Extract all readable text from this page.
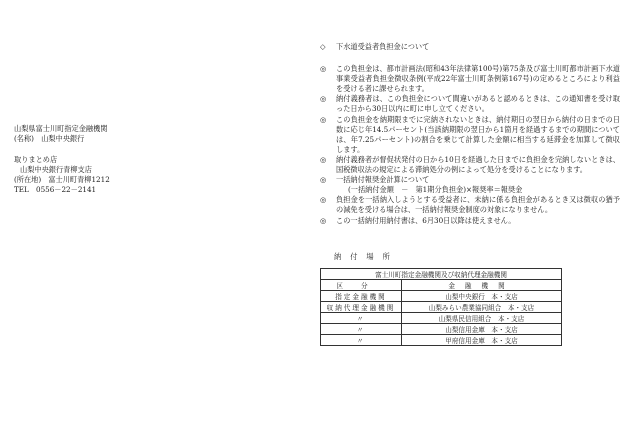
山梨県富士川町指定金融機関
(名称)　山梨中央銀行
取りまとめ店
山梨中央銀行青柳支店
(所在地)　富士川町青柳1212
TEL　0556－22－2141
◇ 下水道受益者負担金について
◎	この負担金は、都市計画法(昭和43年法律第100号)第75条及び富士川町都市計画下水道事業受益者負担金徴収条例(平成22年富士川町条例第167号)の定めるところにより利益を受ける者に課せられます。
◎	納付義務者は、この負担金について間違いがあると認めるときは、この通知書を受け取った日から30日以内に町に申し立てください。
◎	この負担金を納期限までに完納されないときは、納付期日の翌日から納付の日までの日数に応じ年14.5パーセント(当該納期限の翌日から1箇月を経過するまでの期間については、年7.25パーセント)の割合を乗じて計算した金額に相当する延滞金を加算して徴収します。
◎	納付義務者が督促状発付の日から10日を経過した日までに負担金を完納しないときは、国税徴収法の規定による滞納処分の例によって処分を受けることになります。
◎	一括納付報奨金計算について
(一括納付金額　－　第1期分負担金)×報奨率＝報奨金
◎	負担金を一括納入しようとする受益者に、未納に係る負担金があるとき又は徴収の猶予の減免を受ける場合は、一括納付報奨金制度の対象になりません。
◎	この一括納付用納付書は、6月30日以降は使えません。
納付場所
富士川町指定金融機関及び収納代理金融機関	
区分	金融機関
指定金融機関	山梨中央銀行　本・支店
収納代理金融機関	山梨みらい農業協同組合　本・支店
〃	山梨県民信用組合　本・支店
〃	山梨信用金庫　本・支店
〃	甲府信用金庫　本・支店
